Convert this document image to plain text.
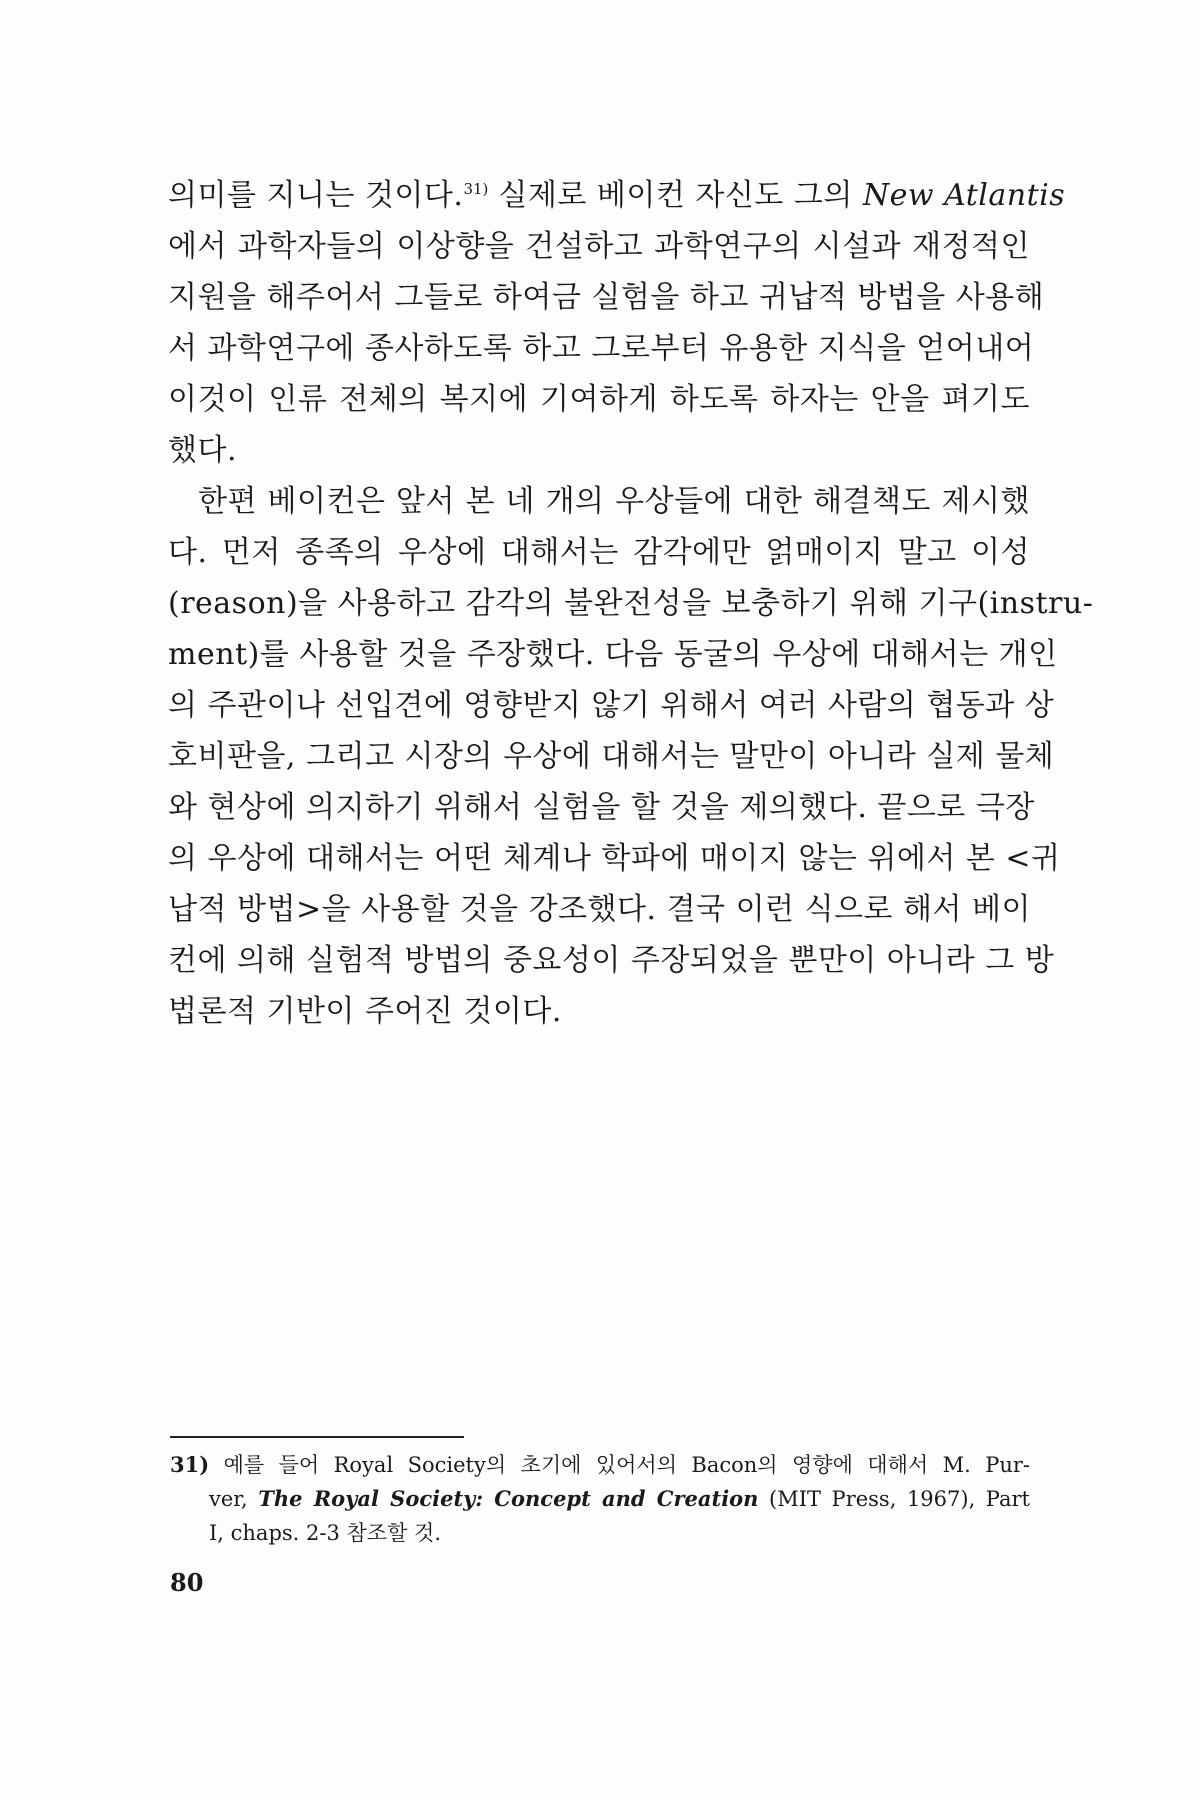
의미를 지니는 것이다.$^{31)}$ 실제로 베이컨 자신도 그의 New Atlantis
에서 과학자들의 이상향을 건설하고 과학연구의 시설과 재정적인
지원을 해주어서 그들로 하여금 실험을 하고 귀납적 방법을 사용해
서 과학연구에 종사하도록 하고 그로부터 유용한 지식을 얻어내어
이것이 인류 전체의 복지에 기여하게 하도록 하자는 안을 펴기도
했다.
한편 베이컨은 앞서 본 네 개의 우상들에 대한 해결책도 제시했
다. 먼저 종족의 우상에 대해서는 감각에만 얽매이지 말고 이성
(reason)을 사용하고 감각의 불완전성을 보충하기 위해 기구(instru-
ment)를 사용할 것을 주장했다. 다음 동굴의 우상에 대해서는 개인
의 주관이나 선입견에 영향받지 않기 위해서 여러 사람의 협동과 상
호비판을, 그리고 시장의 우상에 대해서는 말만이 아니라 실제 물체
와 현상에 의지하기 위해서 실험을 할 것을 제의했다. 끝으로 극장
의 우상에 대해서는 어떤 체계나 학파에 매이지 않는 위에서 본 <귀
납적 방법>을 사용할 것을 강조했다. 결국 이런 식으로 해서 베이
컨에 의해 실험적 방법의 중요성이 주장되었을 뿐만이 아니라 그 방
법론적 기반이 주어진 것이다.
31) 예를 들어 Royal Society의 초기에 있어서의 Bacon의 영향에 대해서 M. Pur-
ver, The Royal Society: Concept and Creation (MIT Press, 1967), Part
I, chaps. 2-3 참조할 것.
80
